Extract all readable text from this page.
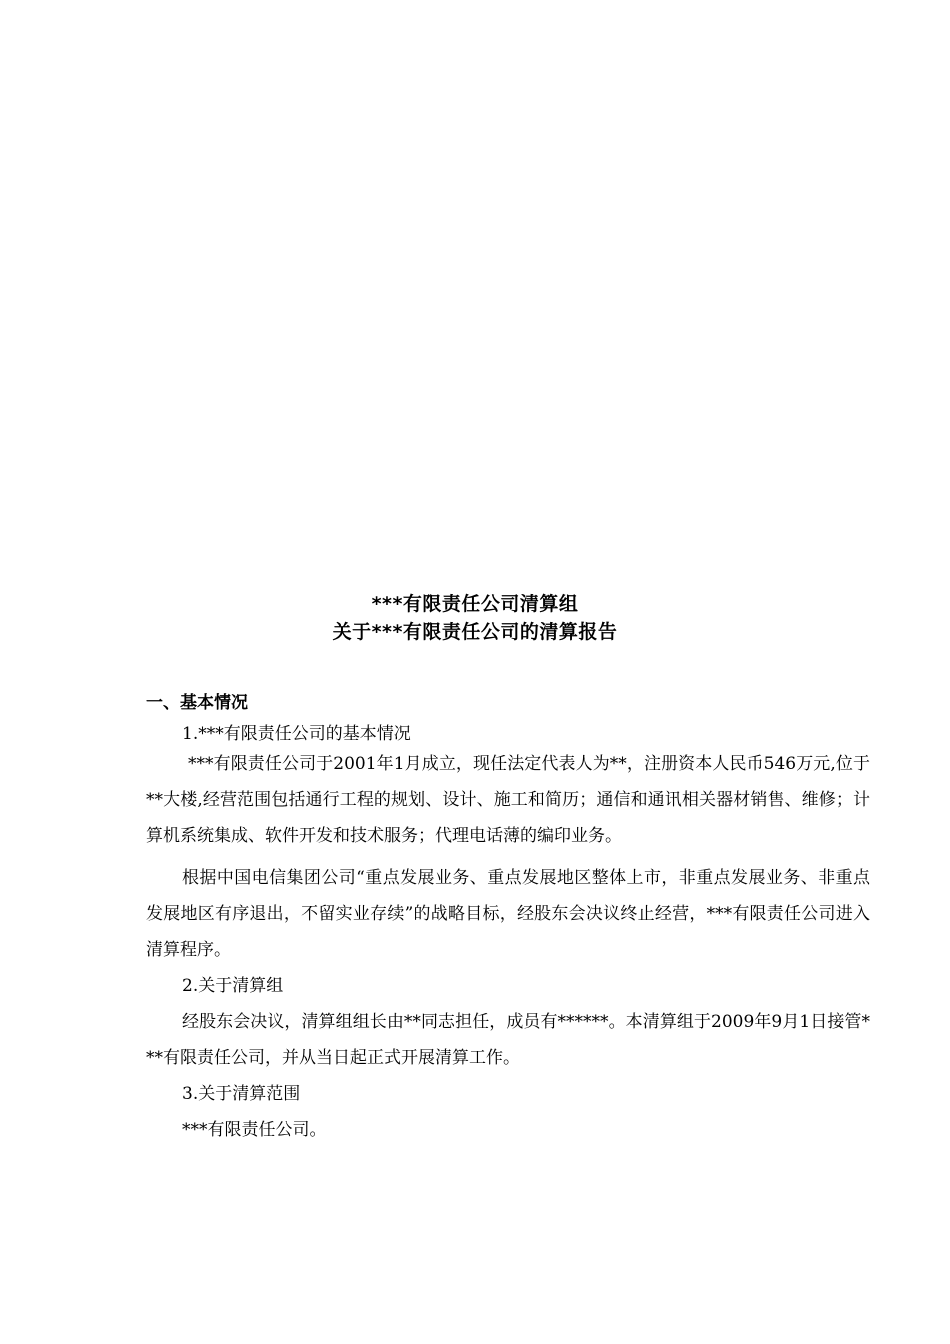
***有限责任公司清算组
关于***有限责任公司的清算报告

一、基本情况

1.***有限责任公司的基本情况

***有限责任公司于2001年1月成立，现任法定代表人为**，注册资本人民币546万元,位于**大楼,经营范围包括通行工程的规划、设计、施工和简历；通信和通讯相关器材销售、维修；计算机系统集成、软件开发和技术服务；代理电话薄的编印业务。

根据中国电信集团公司“重点发展业务、重点发展地区整体上市，非重点发展业务、非重点发展地区有序退出，不留实业存续”的战略目标，经股东会决议终止经营，***有限责任公司进入清算程序。

2.关于清算组

经股东会决议，清算组组长由**同志担任，成员有******。本清算组于2009年9月1日接管***有限责任公司，并从当日起正式开展清算工作。

3.关于清算范围

***有限责任公司。
